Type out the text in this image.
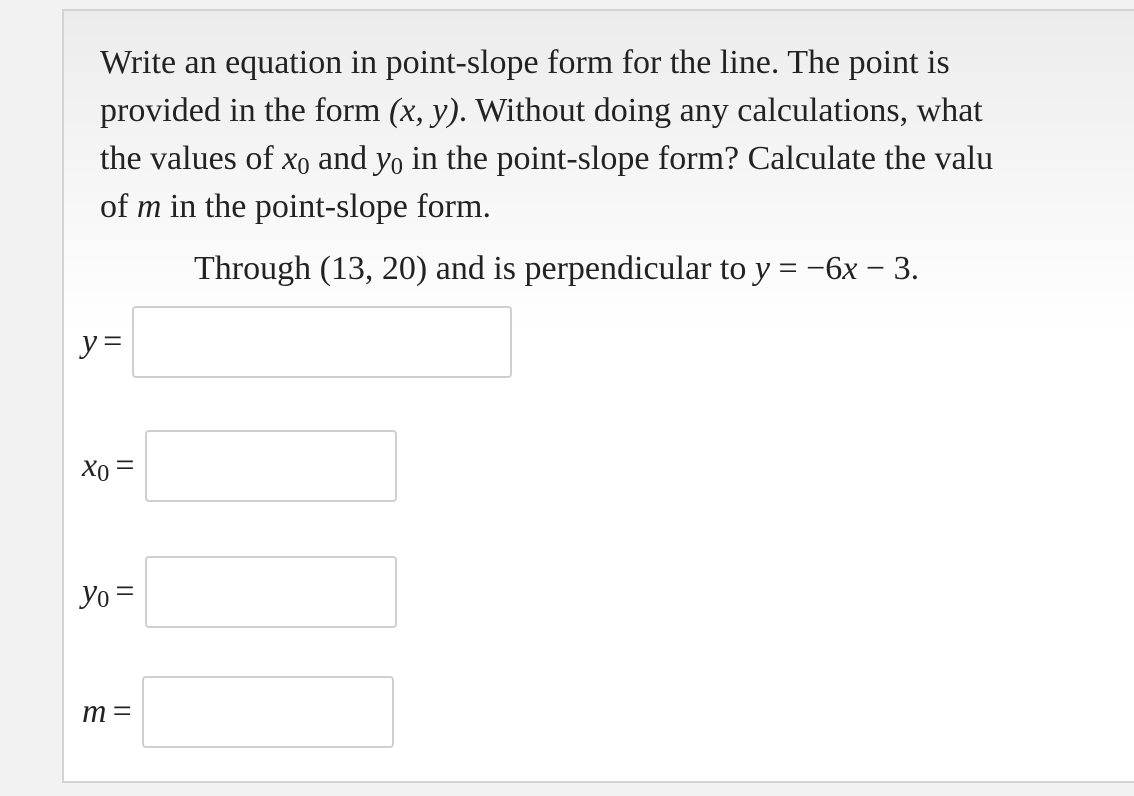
Write an equation in point-slope form for the line. The point is

provided in the form (x, y). Without doing any calculations, what

the values of x0 and y0 in the point-slope form? Calculate the valu

of m in the point-slope form.

Through (13, 20) and is perpendicular to y = −6x − 3.
y =
x0 =
y0 =
m =
